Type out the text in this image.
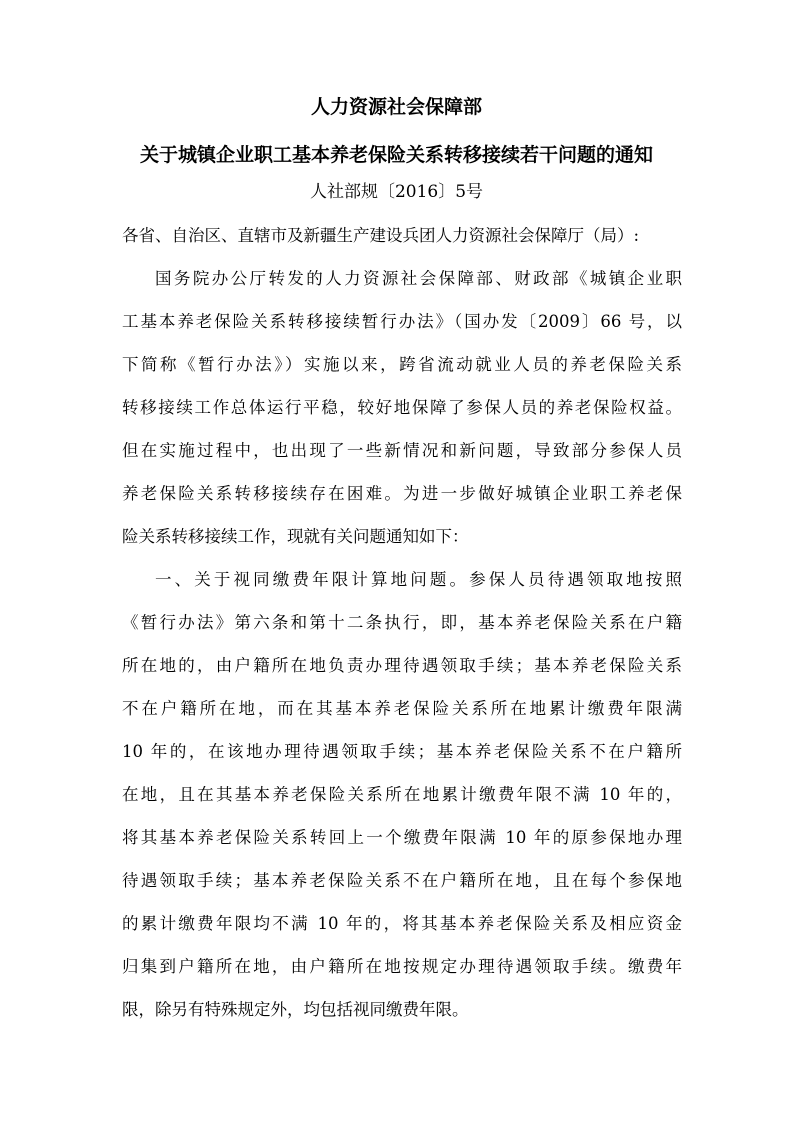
人力资源社会保障部
关于城镇企业职工基本养老保险关系转移接续若干问题的通知
人社部规〔2016〕5号
各省、自治区、直辖市及新疆生产建设兵团人力资源社会保障厅（局）:
国务院办公厅转发的人力资源社会保障部、财政部《城镇企业职
工基本养老保险关系转移接续暂行办法》（国办发〔2009〕66 号，以
下简称《暂行办法》）实施以来，跨省流动就业人员的养老保险关系
转移接续工作总体运行平稳，较好地保障了参保人员的养老保险权益。
但在实施过程中，也出现了一些新情况和新问题，导致部分参保人员
养老保险关系转移接续存在困难。为进一步做好城镇企业职工养老保
险关系转移接续工作，现就有关问题通知如下：
一、关于视同缴费年限计算地问题。参保人员待遇领取地按照
《暂行办法》第六条和第十二条执行，即，基本养老保险关系在户籍
所在地的，由户籍所在地负责办理待遇领取手续；基本养老保险关系
不在户籍所在地，而在其基本养老保险关系所在地累计缴费年限满
10 年的，在该地办理待遇领取手续；基本养老保险关系不在户籍所
在地，且在其基本养老保险关系所在地累计缴费年限不满 10 年的，
将其基本养老保险关系转回上一个缴费年限满 10 年的原参保地办理
待遇领取手续；基本养老保险关系不在户籍所在地，且在每个参保地
的累计缴费年限均不满 10 年的，将其基本养老保险关系及相应资金
归集到户籍所在地，由户籍所在地按规定办理待遇领取手续。缴费年
限，除另有特殊规定外，均包括视同缴费年限。
